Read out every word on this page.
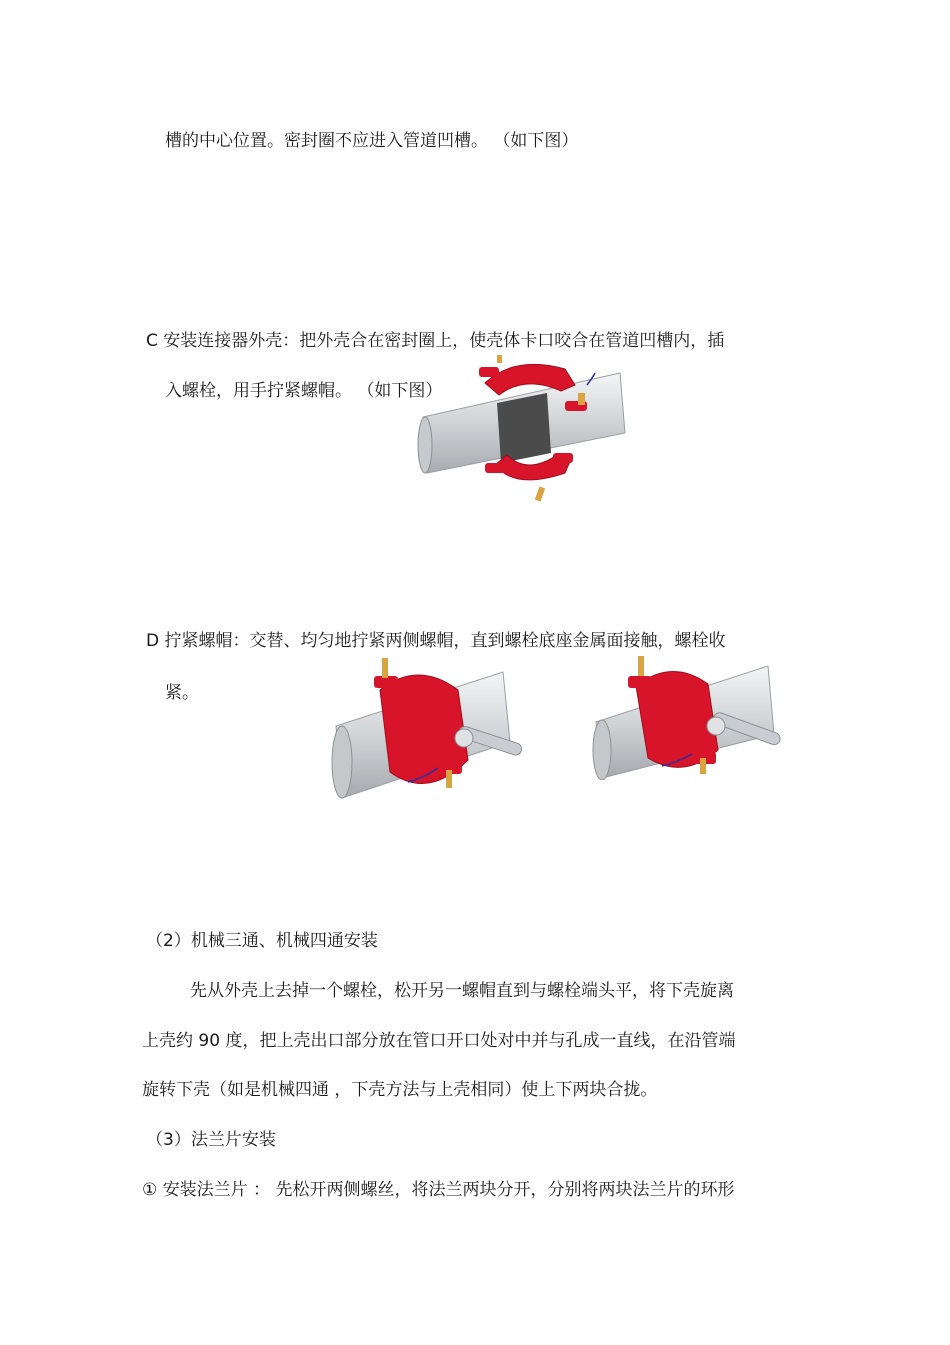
槽的中心位置。密封圈不应进入管道凹槽。 （如下图）
C 安装连接器外壳：把外壳合在密封圈上，使壳体卡口咬合在管道凹槽内，插
入螺栓，用手拧紧螺帽。 （如下图）
D 拧紧螺帽：交替、均匀地拧紧两侧螺帽，直到螺栓底座金属面接触，螺栓收
紧。
（2）机械三通、机械四通安装
先从外壳上去掉一个螺栓，松开另一螺帽直到与螺栓端头平，将下壳旋离
上壳约 90 度，把上壳出口部分放在管口开口处对中并与孔成一直线，在沿管端
旋转下壳（如是机械四通 ，下壳方法与上壳相同）使上下两块合拢。
（3）法兰片安装
① 安装法兰片 ： 先松开两侧螺丝，将法兰两块分开，分别将两块法兰片的环形
